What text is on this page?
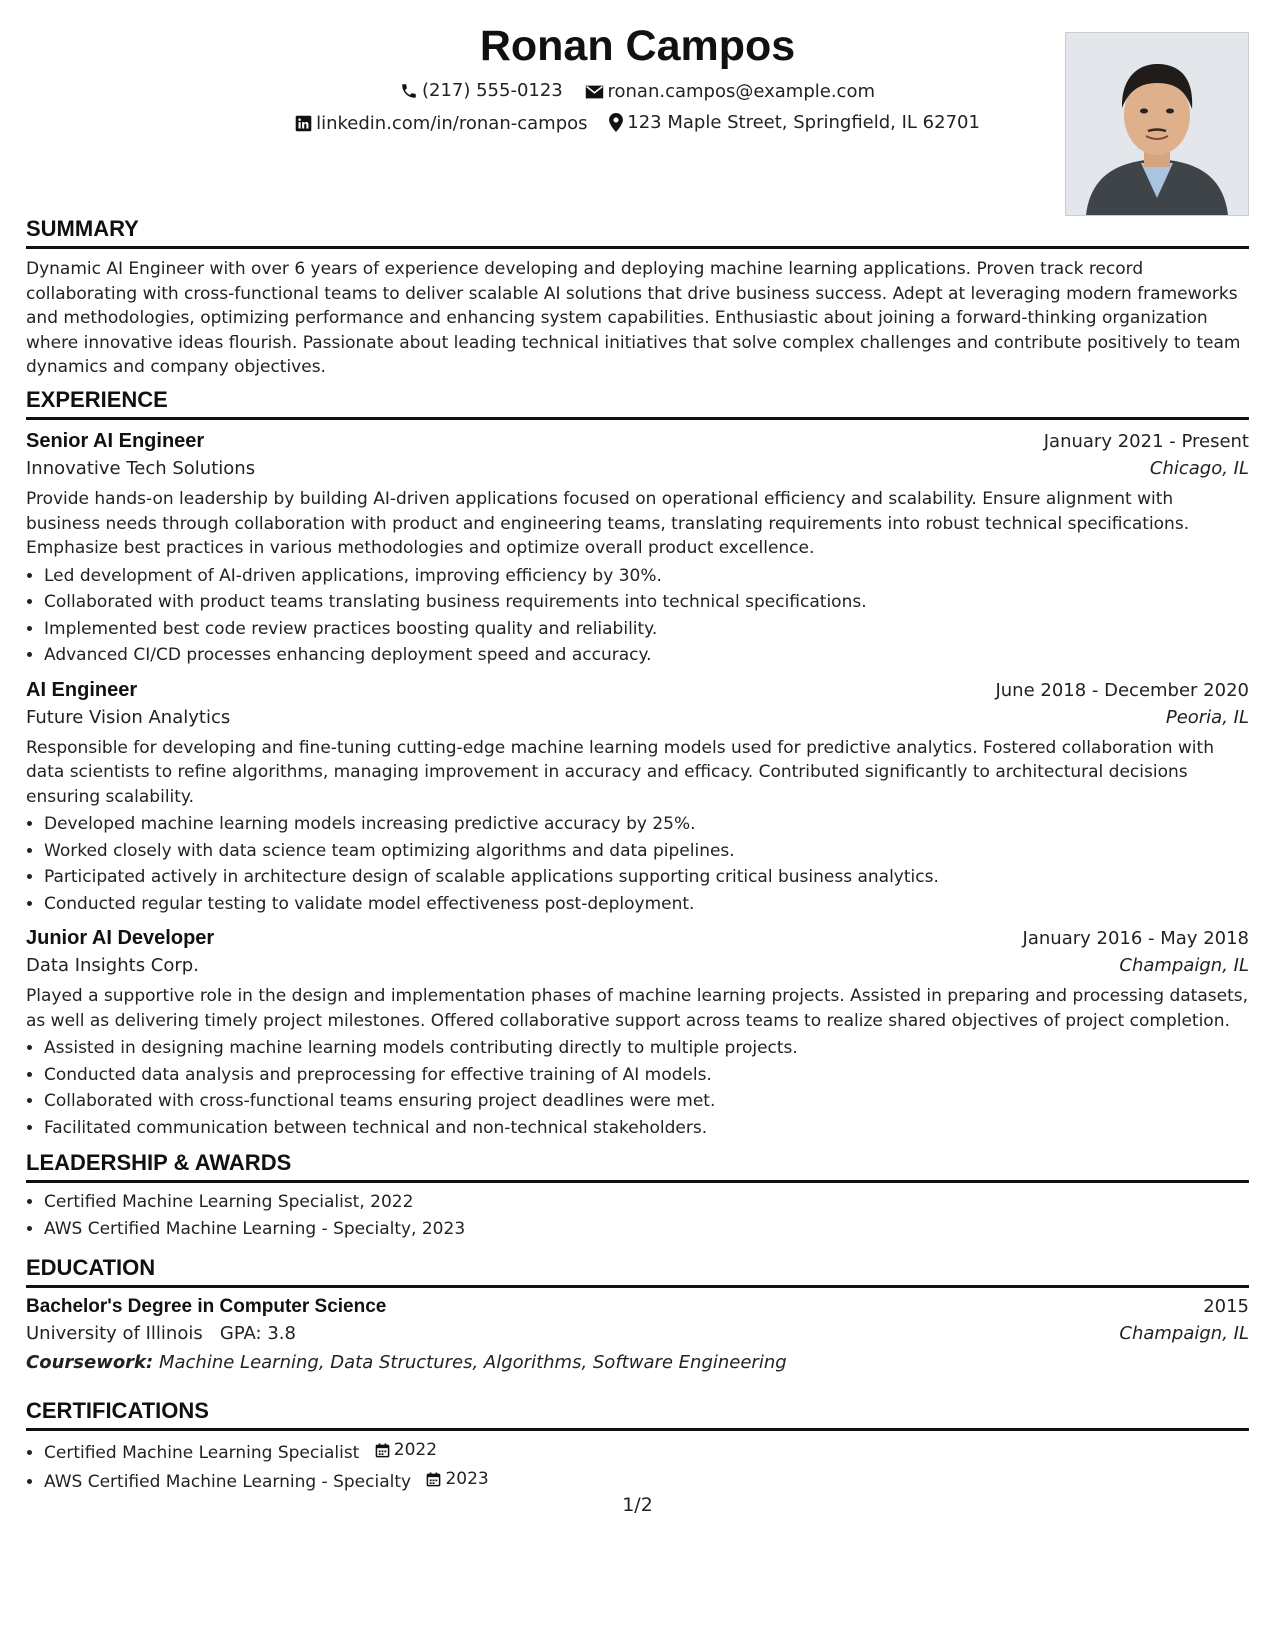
Ronan Campos
(217) 555-0123
ronan.campos@example.com
linkedin.com/in/ronan-campos
123 Maple Street, Springfield, IL 62701
SUMMARY

Dynamic AI Engineer with over 6 years of experience developing and deploying machine learning applications. Proven track record collaborating with cross-functional teams to deliver scalable AI solutions that drive business success. Adept at leveraging modern frameworks and methodologies, optimizing performance and enhancing system capabilities. Enthusiastic about joining a forward-thinking organization where innovative ideas flourish. Passionate about leading technical initiatives that solve complex challenges and contribute positively to team dynamics and company objectives.

EXPERIENCE
Senior AI Engineer	January 2021 - Present
Innovative Tech Solutions	Chicago, IL

Provide hands-on leadership by building AI-driven applications focused on operational efficiency and scalability. Ensure alignment with business needs through collaboration with product and engineering teams, translating requirements into robust technical specifications. Emphasize best practices in various methodologies and optimize overall product excellence.

• Led development of AI-driven applications, improving efficiency by 30%.
• Collaborated with product teams translating business requirements into technical specifications.
• Implemented best code review practices boosting quality and reliability.
• Advanced CI/CD processes enhancing deployment speed and accuracy.
AI Engineer	June 2018 - December 2020
Future Vision Analytics	Peoria, IL

Responsible for developing and fine-tuning cutting-edge machine learning models used for predictive analytics. Fostered collaboration with data scientists to refine algorithms, managing improvement in accuracy and efficacy. Contributed significantly to architectural decisions ensuring scalability.

• Developed machine learning models increasing predictive accuracy by 25%.
• Worked closely with data science team optimizing algorithms and data pipelines.
• Participated actively in architecture design of scalable applications supporting critical business analytics.
• Conducted regular testing to validate model effectiveness post-deployment.
Junior AI Developer	January 2016 - May 2018
Data Insights Corp.	Champaign, IL

Played a supportive role in the design and implementation phases of machine learning projects. Assisted in preparing and processing datasets, as well as delivering timely project milestones. Offered collaborative support across teams to realize shared objectives of project completion.

• Assisted in designing machine learning models contributing directly to multiple projects.
• Conducted data analysis and preprocessing for effective training of AI models.
• Collaborated with cross-functional teams ensuring project deadlines were met.
• Facilitated communication between technical and non-technical stakeholders.
LEADERSHIP & AWARDS
• Certified Machine Learning Specialist, 2022
• AWS Certified Machine Learning - Specialty, 2023
EDUCATION
Bachelor's Degree in Computer Science	2015
University of Illinois GPA: 3.8	Champaign, IL
Coursework: Machine Learning, Data Structures, Algorithms, Software Engineering
CERTIFICATIONS
• Certified Machine Learning Specialist 2022
• AWS Certified Machine Learning - Specialty 2023
1/2
